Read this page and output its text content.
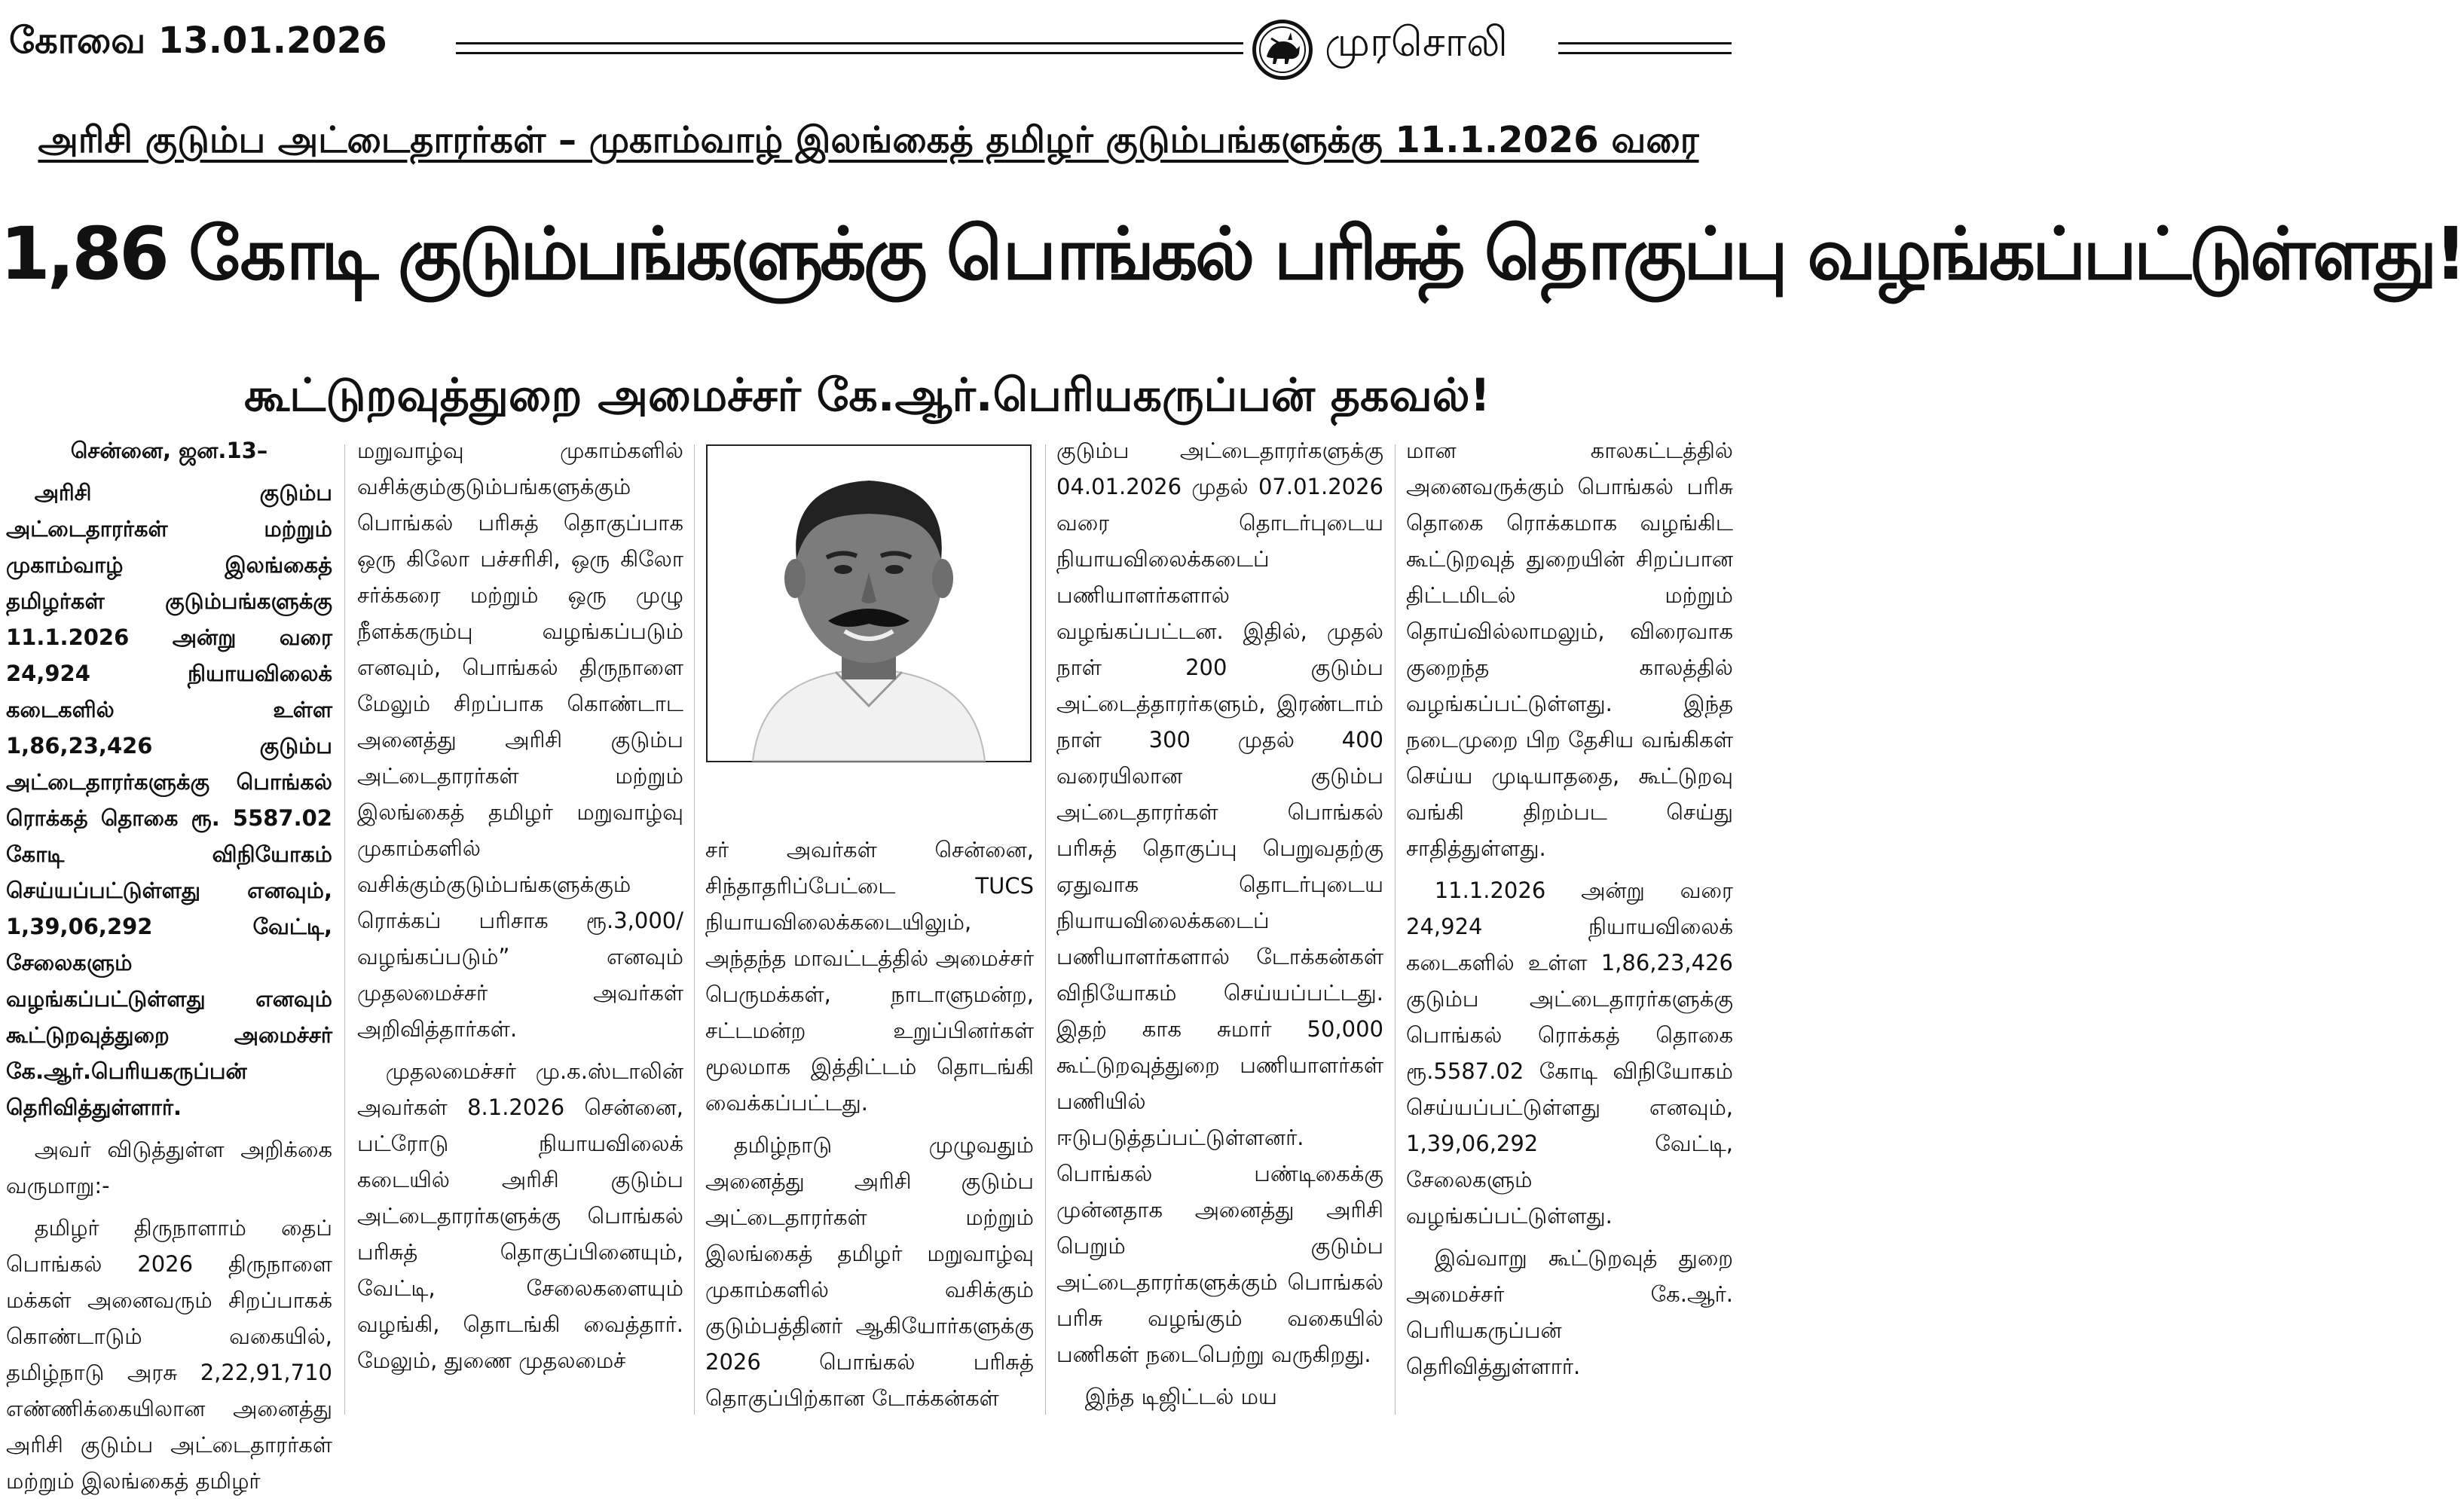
கோவை 13.01.2026	முரசொலி
அரிசி குடும்ப அட்டைதாரர்கள் – முகாம்வாழ் இலங்கைத் தமிழர் குடும்பங்களுக்கு 11.1.2026 வரை
1,86 கோடி குடும்பங்களுக்கு பொங்கல் பரிசுத் தொகுப்பு வழங்கப்பட்டுள்ளது!
கூட்டுறவுத்துறை அமைச்சர் கே.ஆர்.பெரியகருப்பன் தகவல்!

சென்னை, ஜன.13–

அரிசி குடும்ப அட்டைதாரர்கள் மற்றும் முகாம்வாழ் இலங்கைத் தமிழர்கள் குடும்பங்களுக்கு 11.1.2026 அன்று வரை 24,924 நியாயவிலைக் கடைகளில் உள்ள 1,86,23,426 குடும்ப அட்டைதாரர்களுக்கு பொங்கல் ரொக்கத் தொகை ரூ. 5587.02 கோடி விநியோகம் செய்யப்பட்டுள்ளது எனவும், 1,39,06,292 வேட்டி, சேலைகளும் வழங்கப்பட்டுள்ளது எனவும் கூட்டுறவுத்துறை அமைச்சர் கே.ஆர்.பெரியகருப்பன் தெரிவித்துள்ளார்.

அவர் விடுத்துள்ள அறிக்கை வருமாறு:-

தமிழர் திருநாளாம் தைப் பொங்கல் 2026 திருநாளை மக்கள் அனைவரும் சிறப்பாகக் கொண்டாடும் வகையில், தமிழ்நாடு அரசு 2,22,91,710 எண்ணிக்கையிலான அனைத்து அரிசி குடும்ப அட்டைதாரர்கள் மற்றும் இலங்கைத் தமிழர்

மறுவாழ்வு முகாம்களில் வசிக்கும்குடும்பங்களுக்கும் பொங்கல் பரிசுத் தொகுப்பாக ஒரு கிலோ பச்சரிசி, ஒரு கிலோ சர்க்கரை மற்றும் ஒரு முழு நீளக்கரும்பு வழங்கப்படும் எனவும், பொங்கல் திருநாளை மேலும் சிறப்பாக கொண்டாட அனைத்து அரிசி குடும்ப அட்டைதாரர்கள் மற்றும் இலங்கைத் தமிழர் மறுவாழ்வு முகாம்களில் வசிக்கும்குடும்பங்களுக்கும் ரொக்கப் பரிசாக ரூ.3,000/ வழங்கப்படும்” எனவும் முதலமைச்சர் அவர்கள் அறிவித்தார்கள்.

முதலமைச்சர் மு.க.ஸ்டாலின் அவர்கள் 8.1.2026 சென்னை, பட்ரோடு நியாயவிலைக் கடையில் அரிசி குடும்ப அட்டைதாரர்களுக்கு பொங்கல் பரிசுத் தொகுப்பினையும், வேட்டி, சேலைகளையும் வழங்கி, தொடங்கி வைத்தார். மேலும், துணை முதலமைச்

சர் அவர்கள் சென்னை, சிந்தாதரிப்பேட்டை TUCS நியாயவிலைக்கடையிலும், அந்தந்த மாவட்டத்தில் அமைச்சர் பெருமக்கள், நாடாளுமன்ற, சட்டமன்ற உறுப்பினர்கள் மூலமாக இத்திட்டம் தொடங்கி வைக்கப்பட்டது.

தமிழ்நாடு முழுவதும் அனைத்து அரிசி குடும்ப அட்டைதாரர்கள் மற்றும் இலங்கைத் தமிழர் மறுவாழ்வு முகாம்களில் வசிக்கும் குடும்பத்தினர் ஆகியோர்களுக்கு 2026 பொங்கல் பரிசுத் தொகுப்பிற்கான டோக்கன்கள்

குடும்ப அட்டைதாரர்களுக்கு 04.01.2026 முதல் 07.01.2026 வரை தொடர்புடைய நியாயவிலைக்கடைப் பணியாளர்களால் வழங்கப்பட்டன. இதில், முதல் நாள் 200 குடும்ப அட்டைத்தாரர்களும், இரண்டாம் நாள் 300 முதல் 400 வரையிலான குடும்ப அட்டைதாரர்கள் பொங்கல் பரிசுத் தொகுப்பு பெறுவதற்கு ஏதுவாக தொடர்புடைய நியாயவிலைக்கடைப் பணியாளர்களால் டோக்கன்கள் விநியோகம் செய்யப்பட்டது. இதற் காக சுமார் 50,000 கூட்டுறவுத்துறை பணியாளர்கள் பணியில் ஈடுபடுத்தப்பட்டுள்ளனர். பொங்கல் பண்டிகைக்கு முன்னதாக அனைத்து அரிசி பெறும் குடும்ப அட்டைதாரர்களுக்கும் பொங்கல் பரிசு வழங்கும் வகையில் பணிகள் நடைபெற்று வருகிறது.

இந்த டிஜிட்டல் மய

மான காலகட்டத்தில் அனைவருக்கும் பொங்கல் பரிசு தொகை ரொக்கமாக வழங்கிட கூட்டுறவுத் துறையின் சிறப்பான திட்டமிடல் மற்றும் தொய்வில்லாமலும், விரைவாக குறைந்த காலத்தில் வழங்கப்பட்டுள்ளது. இந்த நடைமுறை பிற தேசிய வங்கிகள் செய்ய முடியாததை, கூட்டுறவு வங்கி திறம்பட செய்து சாதித்துள்ளது.

11.1.2026 அன்று வரை 24,924 நியாயவிலைக் கடைகளில் உள்ள 1,86,23,426 குடும்ப அட்டைதாரர்களுக்கு பொங்கல் ரொக்கத் தொகை ரூ.5587.02 கோடி விநியோகம் செய்யப்பட்டுள்ளது எனவும், 1,39,06,292 வேட்டி, சேலைகளும் வழங்கப்பட்டுள்ளது.

இவ்வாறு கூட்டுறவுத் துறை அமைச்சர் கே.ஆர். பெரியகருப்பன் தெரிவித்துள்ளார்.
